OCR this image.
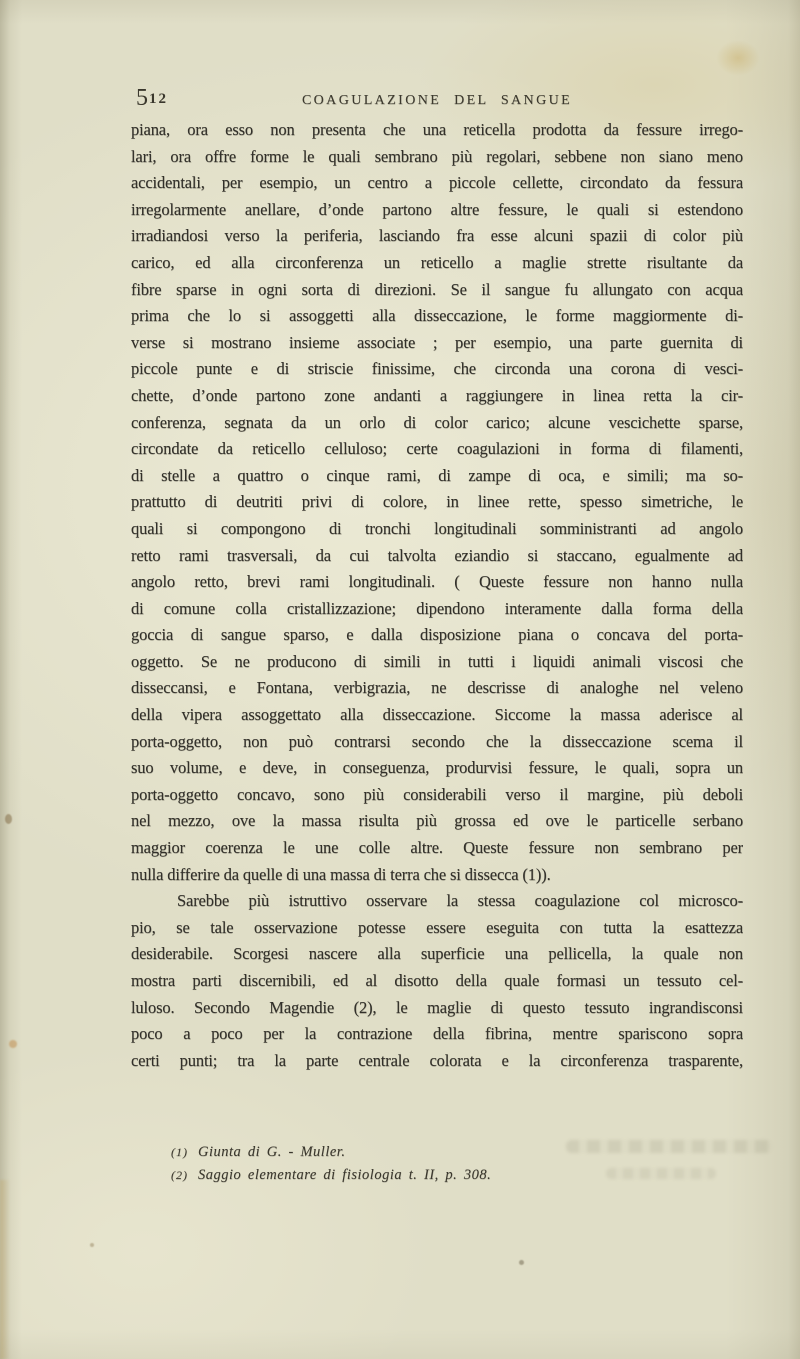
512	COAGULAZIONE DEL SANGUE
piana, ora esso non presenta che una reticella prodotta da fessure irrego-
lari, ora offre forme le quali sembrano più regolari, sebbene non siano meno
accidentali, per esempio, un centro a piccole cellette, circondato da fessura
irregolarmente anellare, d’onde partono altre fessure, le quali si estendono
irradiandosi verso la periferia, lasciando fra esse alcuni spazii di color più
carico, ed alla circonferenza un reticello a maglie strette risultante da
fibre sparse in ogni sorta di direzioni. Se il sangue fu allungato con acqua
prima che lo si assoggetti alla disseccazione, le forme maggiormente di-
verse si mostrano insieme associate ; per esempio, una parte guernita di
piccole punte e di striscie finissime, che circonda una corona di vesci-
chette, d’onde partono zone andanti a raggiungere in linea retta la cir-
conferenza, segnata da un orlo di color carico; alcune vescichette sparse,
circondate da reticello celluloso; certe coagulazioni in forma di filamenti,
di stelle a quattro o cinque rami, di zampe di oca, e simili; ma so-
prattutto di deutriti privi di colore, in linee rette, spesso simetriche, le
quali si compongono di tronchi longitudinali somministranti ad angolo
retto rami trasversali, da cui talvolta eziandio si staccano, egualmente ad
angolo retto, brevi rami longitudinali. ( Queste fessure non hanno nulla
di comune colla cristallizzazione; dipendono interamente dalla forma della
goccia di sangue sparso, e dalla disposizione piana o concava del porta-
oggetto. Se ne producono di simili in tutti i liquidi animali viscosi che
disseccansi, e Fontana, verbigrazia, ne descrisse di analoghe nel veleno
della vipera assoggettato alla disseccazione. Siccome la massa aderisce al
porta-oggetto, non può contrarsi secondo che la disseccazione scema il
suo volume, e deve, in conseguenza, produrvisi fessure, le quali, sopra un
porta-oggetto concavo, sono più considerabili verso il margine, più deboli
nel mezzo, ove la massa risulta più grossa ed ove le particelle serbano
maggior coerenza le une colle altre. Queste fessure non sembrano per
nulla differire da quelle di una massa di terra che si dissecca (1)).
Sarebbe più istruttivo osservare la stessa coagulazione col microsco-
pio, se tale osservazione potesse essere eseguita con tutta la esattezza
desiderabile. Scorgesi nascere alla superficie una pellicella, la quale non
mostra parti discernibili, ed al disotto della quale formasi un tessuto cel-
luloso. Secondo Magendie (2), le maglie di questo tessuto ingrandisconsi
poco a poco per la contrazione della fibrina, mentre spariscono sopra
certi punti; tra la parte centrale colorata e la circonferenza trasparente,
(1) Giunta di G. - Muller.
(2) Saggio elementare di fisiologia t. II, p. 308.
